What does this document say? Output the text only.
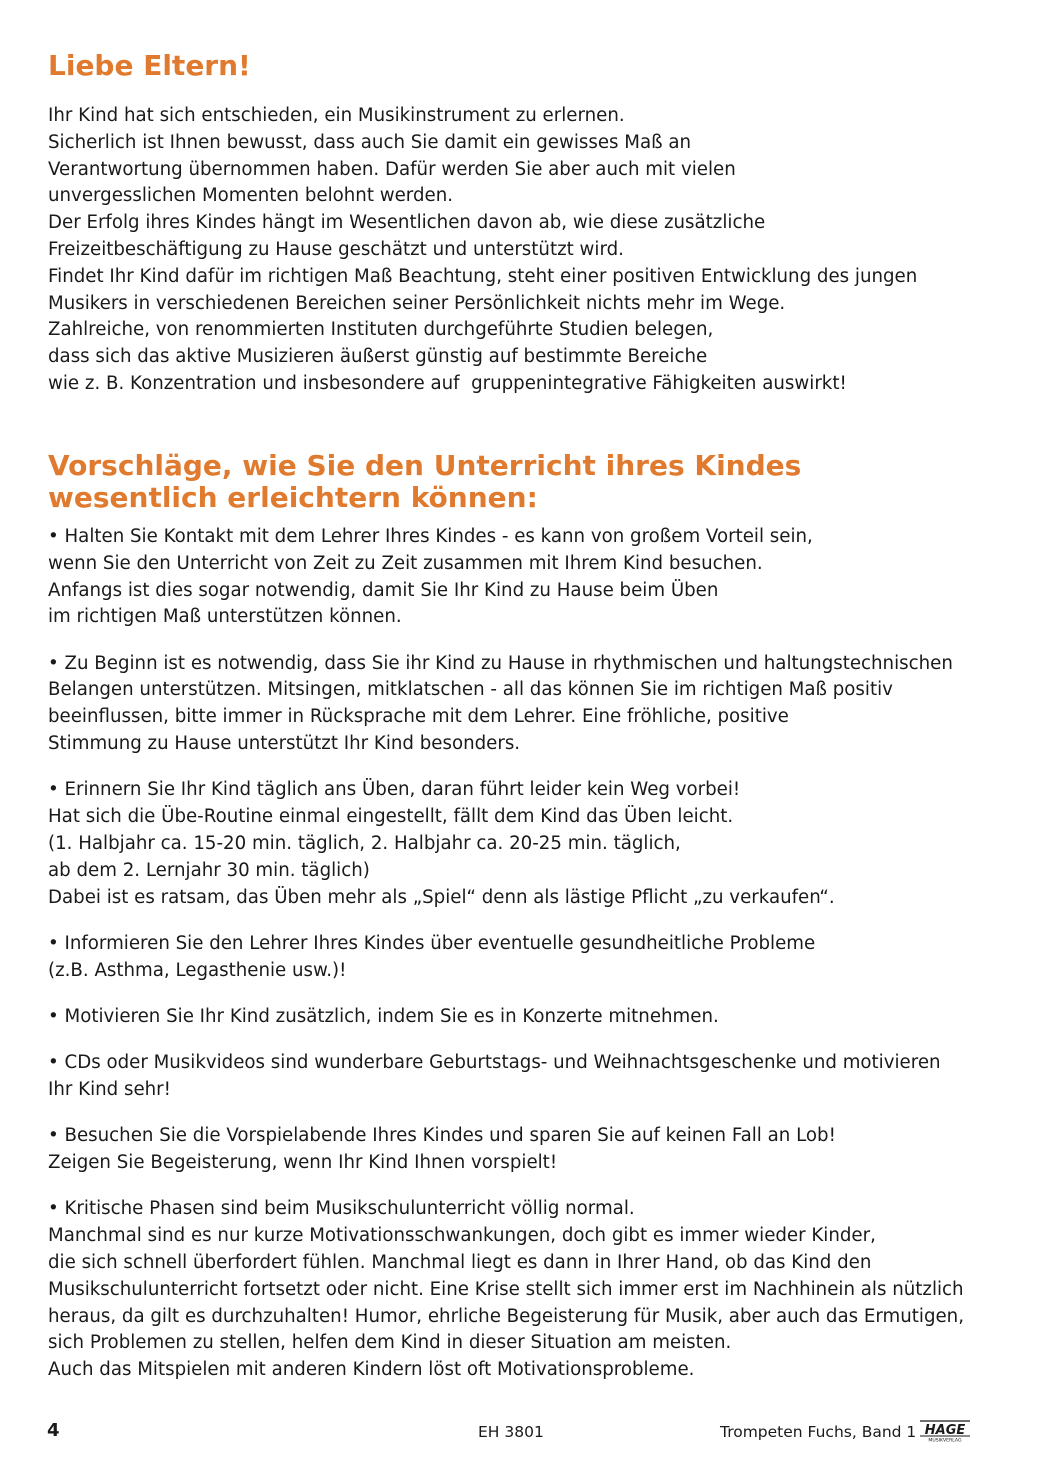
Liebe Eltern!
Ihr Kind hat sich entschieden, ein Musikinstrument zu erlernen.
Sicherlich ist Ihnen bewusst, dass auch Sie damit ein gewisses Maß an
Verantwortung übernommen haben. Dafür werden Sie aber auch mit vielen
unvergesslichen Momenten belohnt werden.
Der Erfolg ihres Kindes hängt im Wesentlichen davon ab, wie diese zusätzliche
Freizeitbeschäftigung zu Hause geschätzt und unterstützt wird.
Findet Ihr Kind dafür im richtigen Maß Beachtung, steht einer positiven Entwicklung des jungen
Musikers in verschiedenen Bereichen seiner Persönlichkeit nichts mehr im Wege.
Zahlreiche, von renommierten Instituten durchgeführte Studien belegen,
dass sich das aktive Musizieren äußerst günstig auf bestimmte Bereiche
wie z. B. Konzentration und insbesondere auf  gruppenintegrative Fähigkeiten auswirkt!
Vorschläge, wie Sie den Unterricht ihres Kindes
wesentlich erleichtern können:
• Halten Sie Kontakt mit dem Lehrer Ihres Kindes - es kann von großem Vorteil sein,
wenn Sie den Unterricht von Zeit zu Zeit zusammen mit Ihrem Kind besuchen.
Anfangs ist dies sogar notwendig, damit Sie Ihr Kind zu Hause beim Üben
im richtigen Maß unterstützen können.
• Zu Beginn ist es notwendig, dass Sie ihr Kind zu Hause in rhythmischen und haltungstechnischen
Belangen unterstützen. Mitsingen, mitklatschen - all das können Sie im richtigen Maß positiv
beeinflussen, bitte immer in Rücksprache mit dem Lehrer. Eine fröhliche, positive
Stimmung zu Hause unterstützt Ihr Kind besonders.
• Erinnern Sie Ihr Kind täglich ans Üben, daran führt leider kein Weg vorbei!
Hat sich die Übe-Routine einmal eingestellt, fällt dem Kind das Üben leicht.
(1. Halbjahr ca. 15-20 min. täglich, 2. Halbjahr ca. 20-25 min. täglich,
ab dem 2. Lernjahr 30 min. täglich)
Dabei ist es ratsam, das Üben mehr als „Spiel“ denn als lästige Pflicht „zu verkaufen“.
• Informieren Sie den Lehrer Ihres Kindes über eventuelle gesundheitliche Probleme
(z.B. Asthma, Legasthenie usw.)!
• Motivieren Sie Ihr Kind zusätzlich, indem Sie es in Konzerte mitnehmen.
• CDs oder Musikvideos sind wunderbare Geburtstags- und Weihnachtsgeschenke und motivieren
Ihr Kind sehr!
• Besuchen Sie die Vorspielabende Ihres Kindes und sparen Sie auf keinen Fall an Lob!
Zeigen Sie Begeisterung, wenn Ihr Kind Ihnen vorspielt!
• Kritische Phasen sind beim Musikschulunterricht völlig normal.
Manchmal sind es nur kurze Motivationsschwankungen, doch gibt es immer wieder Kinder,
die sich schnell überfordert fühlen. Manchmal liegt es dann in Ihrer Hand, ob das Kind den
Musikschulunterricht fortsetzt oder nicht. Eine Krise stellt sich immer erst im Nachhinein als nützlich
heraus, da gilt es durchzuhalten! Humor, ehrliche Begeisterung für Musik, aber auch das Ermutigen,
sich Problemen zu stellen, helfen dem Kind in dieser Situation am meisten.
Auch das Mitspielen mit anderen Kindern löst oft Motivationsprobleme.
4	EH 3801	Trompeten Fuchs, Band 1 HAGE
MUSIKVERLAG
